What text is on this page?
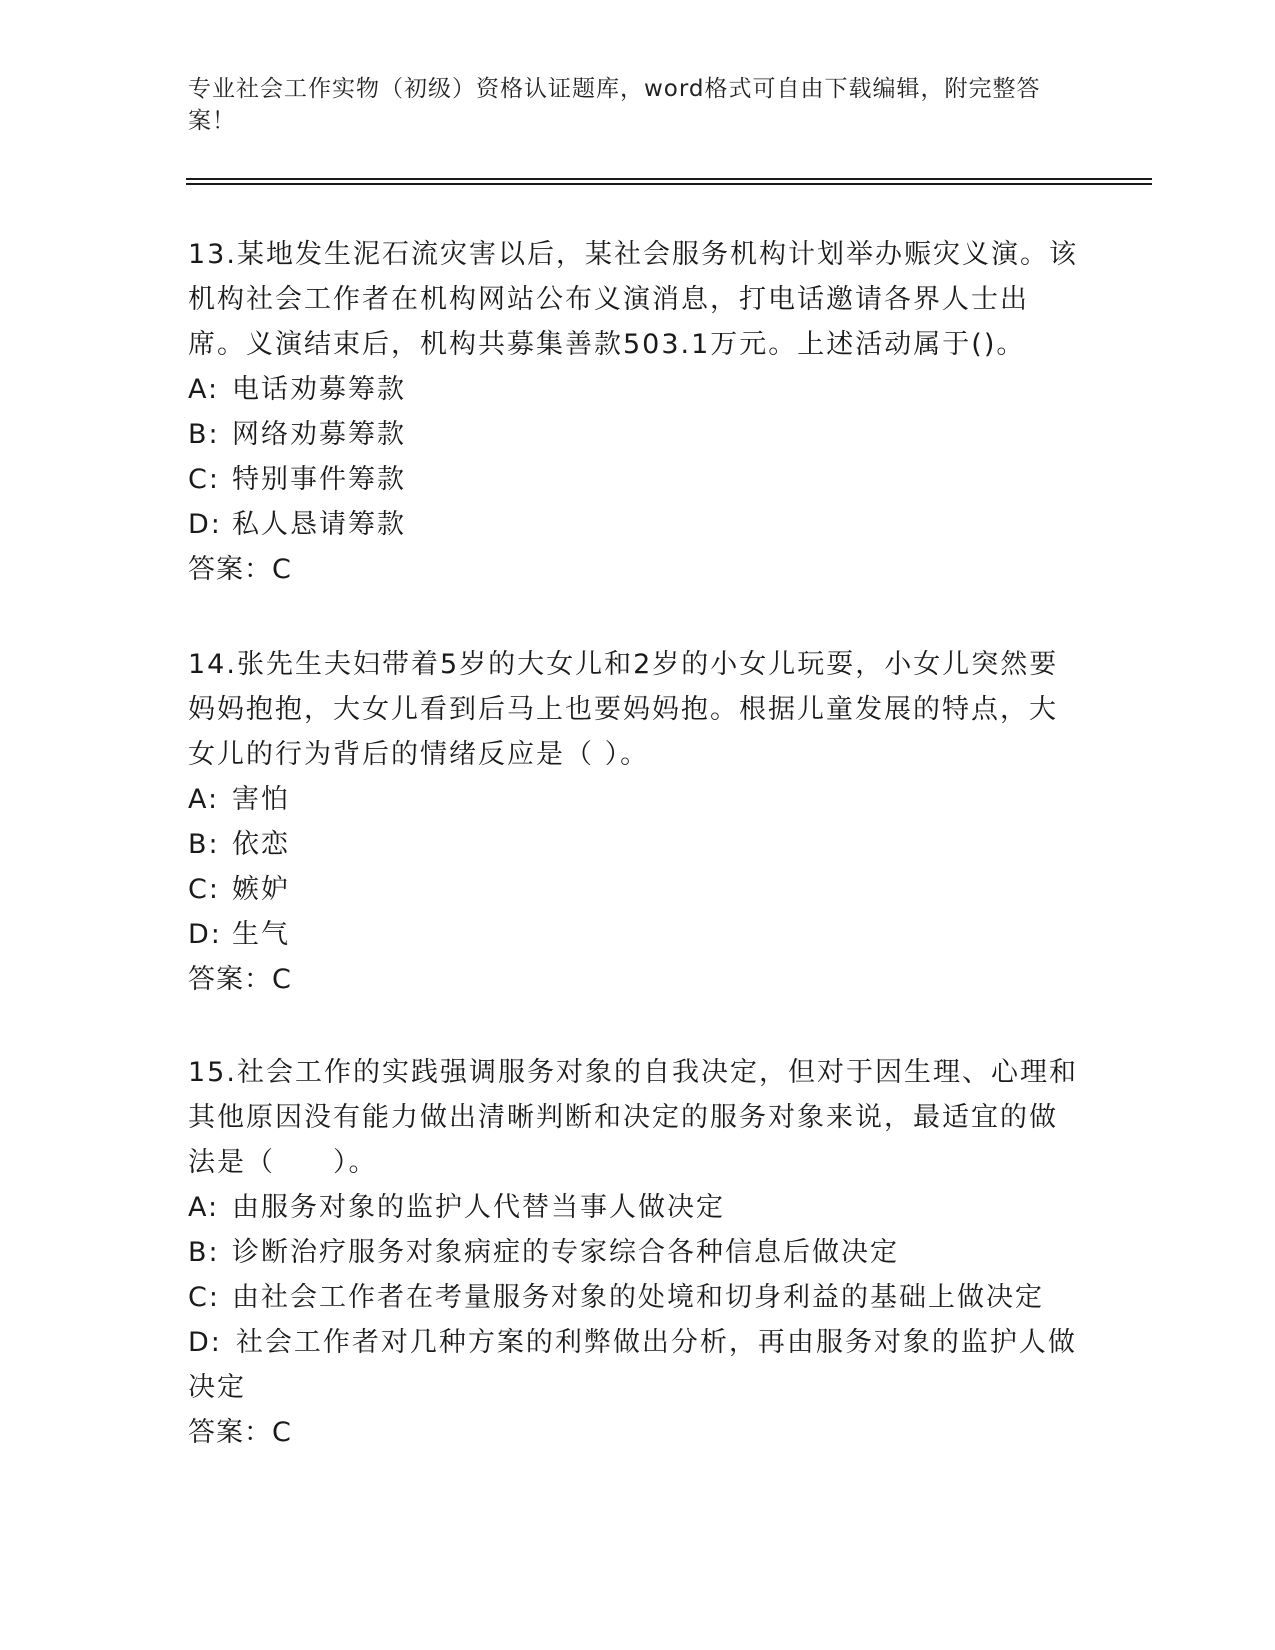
专业社会工作实物（初级）资格认证题库，word格式可自由下载编辑，附完整答案！

13.某地发生泥石流灾害以后，某社会服务机构计划举办赈灾义演。该机构社会工作者在机构网站公布义演消息，打电话邀请各界人士出席。义演结束后，机构共募集善款503.1万元。上述活动属于()。

A: 电话劝募筹款
B: 网络劝募筹款
C: 特别事件筹款
D: 私人恳请筹款

答案：C

14.张先生夫妇带着5岁的大女儿和2岁的小女儿玩耍，小女儿突然要妈妈抱抱，大女儿看到后马上也要妈妈抱。根据儿童发展的特点，大女儿的行为背后的情绪反应是（ ）。

A: 害怕
B: 依恋
C: 嫉妒
D: 生气

答案：C

15.社会工作的实践强调服务对象的自我决定，但对于因生理、心理和其他原因没有能力做出清晰判断和决定的服务对象来说，最适宜的做法是（　　）。

A: 由服务对象的监护人代替当事人做决定
B: 诊断治疗服务对象病症的专家综合各种信息后做决定
C: 由社会工作者在考量服务对象的处境和切身利益的基础上做决定
D: 社会工作者对几种方案的利弊做出分析，再由服务对象的监护人做决定

答案：C
